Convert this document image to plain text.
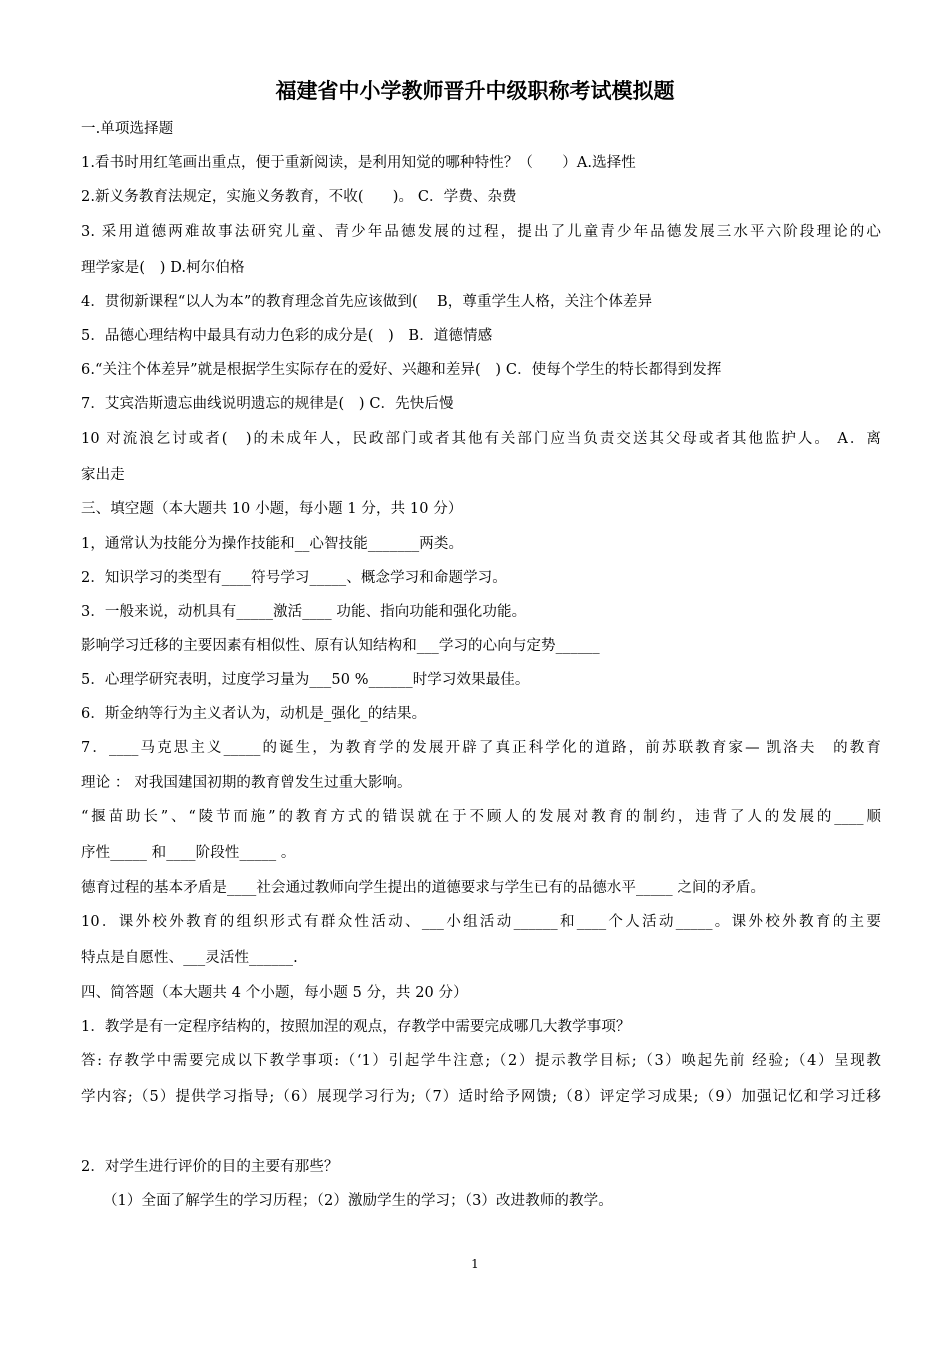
福建省中小学教师晋升中级职称考试模拟题
一.单项选择题
1.看书时用红笔画出重点，便于重新阅读，是利用知觉的哪种特性？（　　）A.选择性
2.新义务教育法规定，实施义务教育，不收(　　)。 C．学费、杂费
3. 采用道德两难故事法研究儿童、青少年品德发展的过程，提出了儿童青少年品德发展三水平六阶段理论的心
理学家是(　) D.柯尔伯格
4．贯彻新课程“以人为本”的教育理念首先应该做到(　 B，尊重学生人格，关注个体差异
5．品德心理结构中最具有动力色彩的成分是(　)　B．道德情感
6.“关注个体差异”就是根据学生实际存在的爱好、兴趣和差异(　) C．使每个学生的特长都得到发挥
7．艾宾浩斯遗忘曲线说明遗忘的规律是(　) C．先快后慢
10 对流浪乞讨或者(　)的未成年人，民政部门或者其他有关部门应当负责交送其父母或者其他监护人。 A．离
家出走
三、填空题（本大题共 10 小题，每小题 1 分，共 10 分）
1，通常认为技能分为操作技能和__心智技能_______两类。
2．知识学习的类型有____符号学习_____、概念学习和命题学习。
3．一般来说，动机具有_____激活____ 功能、指向功能和强化功能。
影响学习迁移的主要因素有相似性、原有认知结构和___学习的心向与定势______
5．心理学研究表明，过度学习量为___50 %______时学习效果最佳。
6．斯金纳等行为主义者认为，动机是_强化_的结果。
7．____马克思主义_____的诞生，为教育学的发展开辟了真正科学化的道路，前苏联教育家— 凯洛夫　的教育
理论 ： 对我国建国初期的教育曾发生过重大影响。
“揠苗助长”、“陵节而施”的教育方式的错误就在于不顾人的发展对教育的制约，违背了人的发展的____顺
序性_____ 和____阶段性_____ 。
德育过程的基本矛盾是____社会通过教师向学生提出的道德要求与学生已有的品德水平_____ 之间的矛盾。
10．课外校外教育的组织形式有群众性活动、___小组活动______和____个人活动_____。课外校外教育的主要
特点是自愿性、___灵活性______.
四、简答题（本大题共 4 个小题，每小题 5 分，共 20 分）
1．教学是有一定程序结构的，按照加涅的观点，存教学中需要完成哪几大教学事项？
答: 存教学中需要完成以下教学事项:（‘1）引起学牛注意;（2）提示教学目标;（3）唤起先前 经验;（4）呈现教
学内容;（5）提供学习指导;（6）展现学习行为;（7）适时给予网馈;（8）评定学习成果;（9）加强记忆和学习迁移
2．对学生进行评价的目的主要有那些？
　　（1）全面了解学生的学习历程；（2）激励学生的学习；（3）改进教师的教学。
1
